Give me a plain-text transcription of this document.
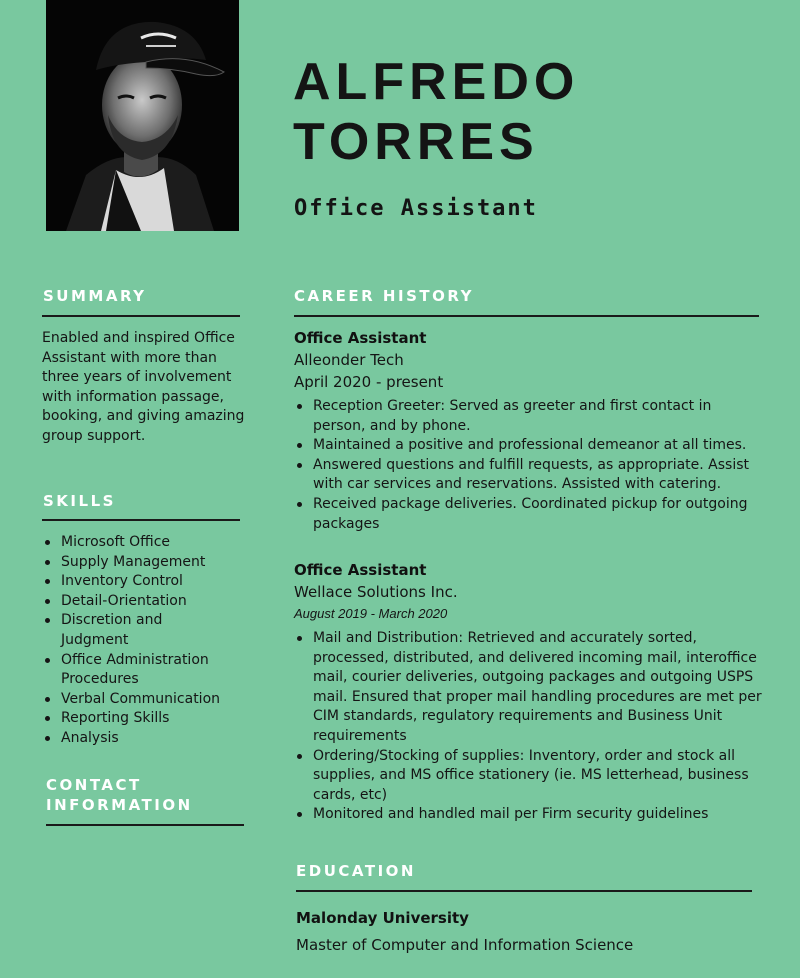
ALFREDO
TORRES
Office Assistant
SUMMARY
Enabled and inspired Office Assistant with more than three years of involvement with information passage, booking, and giving amazing group support.
SKILLS
Microsoft Office
Supply Management
Inventory Control
Detail-Orientation
Discretion and Judgment
Office Administration Procedures
Verbal Communication
Reporting Skills
Analysis
CONTACT
INFORMATION
CAREER HISTORY
Office Assistant
Alleonder Tech
April 2020 - present
Reception Greeter: Served as greeter and first contact in person, and by phone.
Maintained a positive and professional demeanor at all times.
Answered questions and fulfill requests, as appropriate. Assist with car services and reservations. Assisted with catering.
Received package deliveries. Coordinated pickup for outgoing packages
Office Assistant
Wellace Solutions Inc.
August 2019 - March 2020
Mail and Distribution: Retrieved and accurately sorted, processed, distributed, and delivered incoming mail, interoffice mail, courier deliveries, outgoing packages and outgoing USPS mail. Ensured that proper mail handling procedures are met per CIM standards, regulatory requirements and Business Unit requirements
Ordering/Stocking of supplies: Inventory, order and stock all supplies, and MS office stationery (ie. MS letterhead, business cards, etc)
Monitored and handled mail per Firm security guidelines
EDUCATION
Malonday University
Master of Computer and Information Science
